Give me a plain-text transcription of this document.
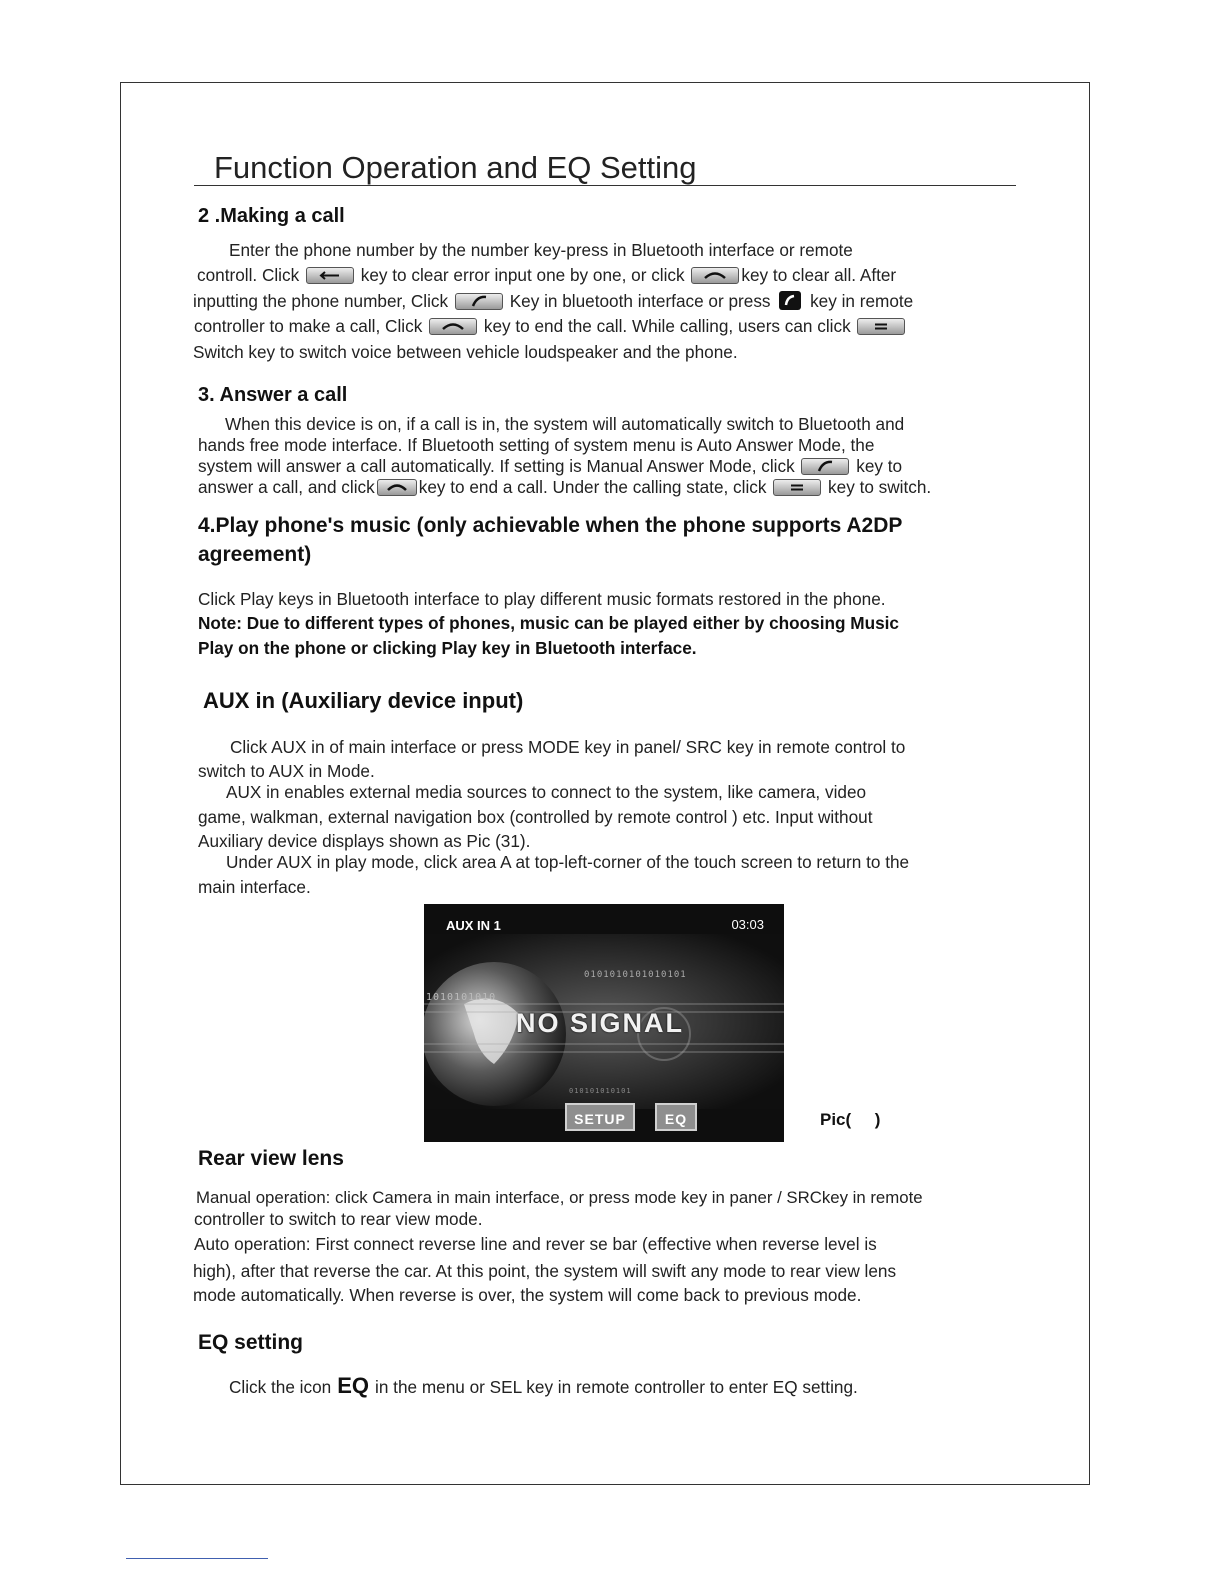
Function Operation and EQ Setting
2 .Making a call
Enter the phone number by the number key-press in Bluetooth interface or remote
controll. Click	key to clear error input one by one, or click	key to clear all. After
inputting the phone number, Click	Key in bluetooth interface or press key in remote
controller to make a call, Click	key to end the call. While calling, users can click
Switch key to switch voice between vehicle loudspeaker and the phone.
3. Answer a call
When this device is on, if a call is in, the system will automatically switch to Bluetooth and
hands free mode interface. If Bluetooth setting of system menu is Auto Answer Mode, the
system will answer a call automatically. If setting is Manual Answer Mode, click	key to
answer a call, and click	key to end a call. Under the calling state, click	key to switch.
4.Play phone's music (only achievable when the phone supports A2DP
agreement)
Click Play keys in Bluetooth interface to play different music formats restored in the phone.
Note: Due to different types of phones, music can be played either by choosing Music
Play on the phone or clicking Play key in Bluetooth interface.
AUX in (Auxiliary device input)
Click AUX in of main interface or press MODE key in panel/ SRC key in remote control to
switch to AUX in Mode.
AUX in enables external media sources to connect to the system, like camera, video
game, walkman, external navigation box (controlled by remote control ) etc. Input without
Auxiliary device displays shown as Pic (31).
Under AUX in play mode, click area A at top-left-corner of the touch screen to return to the
main interface.
0101010101010101
1010101010
010101010101
AUX IN 1	03:03
NO SIGNAL
SETUP	EQ	Pic(     )
Rear view lens
Manual operation: click Camera in main interface, or press mode key in paner / SRCkey in remote
controller to switch to rear view mode.
Auto operation: First connect reverse line and rever se bar (effective when reverse level is
high), after that reverse the car. At this point, the system will swift any mode to rear view lens
mode automatically. When reverse is over, the system will come back to previous mode.
EQ setting
Click the icon EQ in the menu or SEL key in remote controller to enter EQ setting.
